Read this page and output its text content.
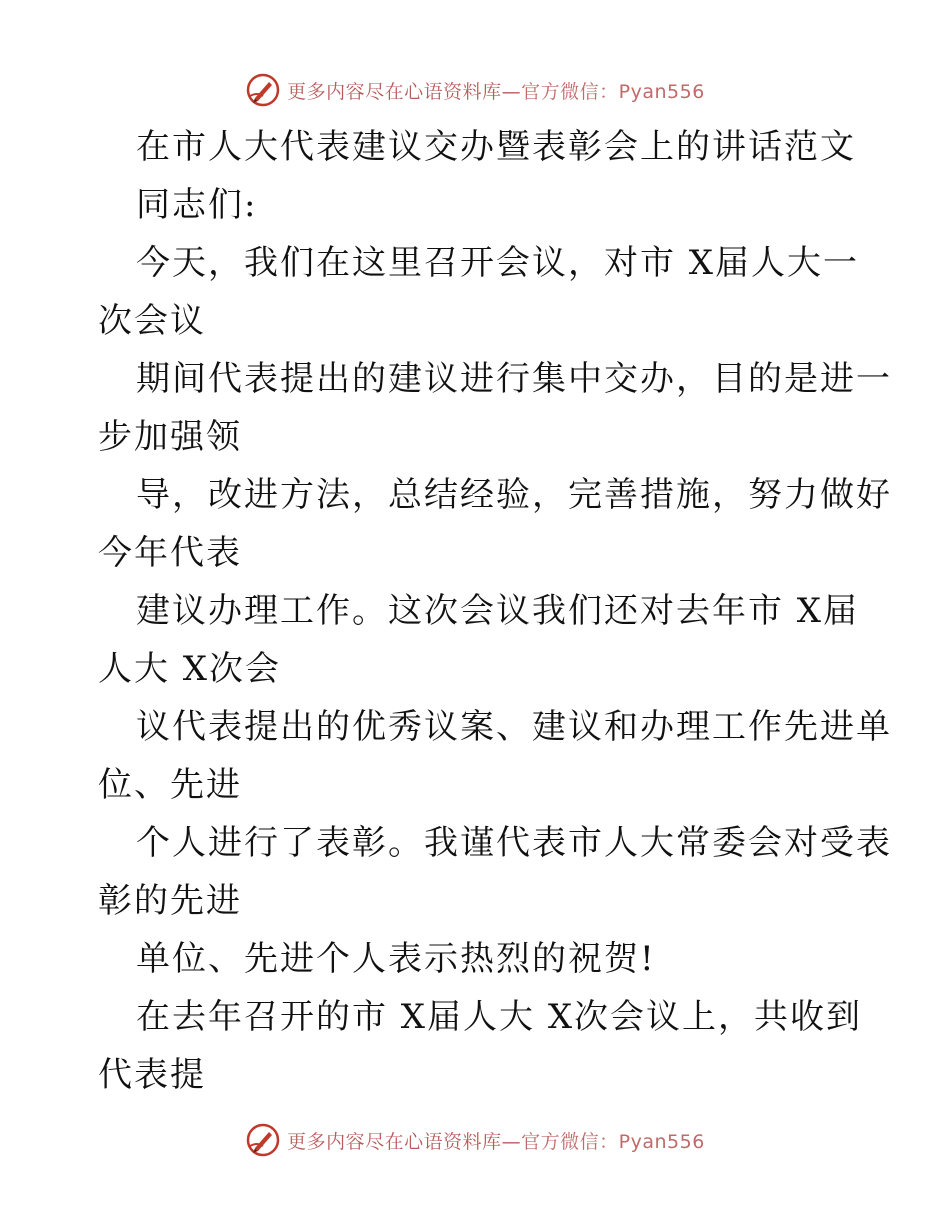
更多内容尽在心语资料库—官方微信：Pyan556
在市人大代表建议交办暨表彰会上的讲话范文
同志们:
今天，我们在这里召开会议，对市 X届人大一
次会议
期间代表提出的建议进行集中交办，目的是进一
步加强领
导，改进方法，总结经验，完善措施，努力做好
今年代表
建议办理工作。这次会议我们还对去年市 X届
人大 X次会
议代表提出的优秀议案、建议和办理工作先进单
位、先进
个人进行了表彰。我谨代表市人大常委会对受表
彰的先进
单位、先进个人表示热烈的祝贺!
在去年召开的市 X届人大 X次会议上，共收到
代表提
更多内容尽在心语资料库—官方微信：Pyan556
